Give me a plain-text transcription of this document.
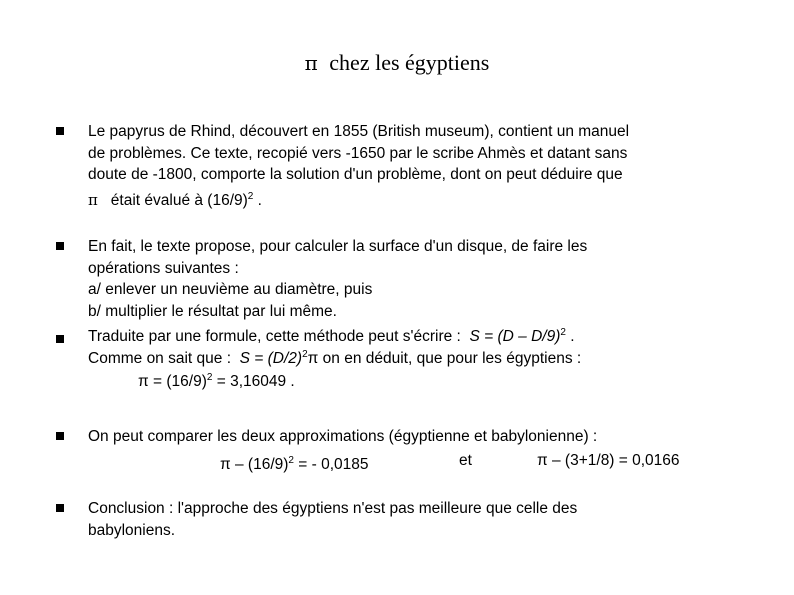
π chez les égyptiens
Le papyrus de Rhind, découvert en 1855 (British museum), contient un manuel
de problèmes. Ce texte, recopié vers -1650 par le scribe Ahmès et datant sans
doute de -1800, comporte la solution d'un problème, dont on peut déduire que
π était évalué à $(16/9)^2$ .
En fait, le texte propose, pour calculer la surface d'un disque, de faire les
opérations suivantes :
a/ enlever un neuvième au diamètre, puis
b/ multiplier le résultat par lui même.
Traduite par une formule, cette méthode peut s'écrire :  S = (D – D/9)$^2$ .
Comme on sait que :  $S = (D/2)^2\pi$ on en déduit, que pour les égyptiens :
$\pi = (16/9)^2 = 3,16049$ .
On peut comparer les deux approximations (égyptienne et babylonienne) :
π – $(16/9)^2$ = - 0,0185	et	π – (3+1/8) = 0,0166
Conclusion : l'approche des égyptiens n'est pas meilleure que celle des
babyloniens.
